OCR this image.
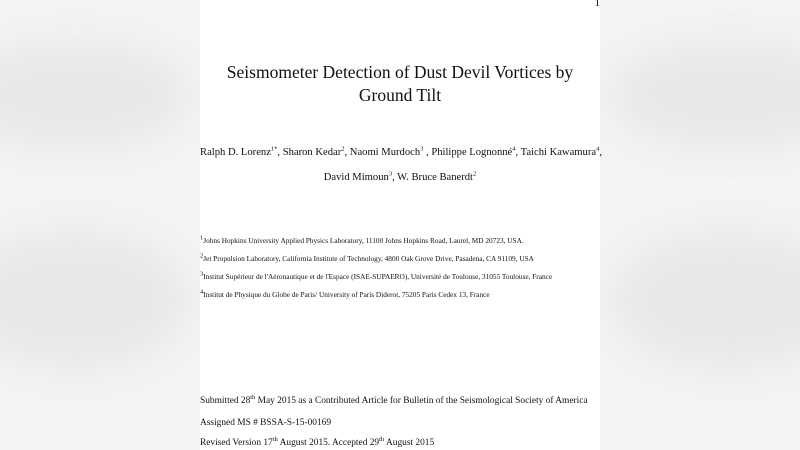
1
Seismometer Detection of Dust Devil Vortices by Ground Tilt
Ralph D. Lorenz$^{1*}$, Sharon Kedar$^2$, Naomi Murdoch$^3$ , Philippe Lognonné$^4$, Taichi Kawamura$^4$,
David Mimoun$^3$, W. Bruce Banerdt$^2$
$^1$Johns Hopkins University Applied Physics Laboratory, 11100 Johns Hopkins Road, Laurel, MD 20723, USA.
$^2$Jet Propulsion Laboratory, California Institute of Technology, 4800 Oak Grove Drive, Pasadena, CA 91109, USA
$^3$Institut Supérieur de l'Aéronautique et de l'Espace (ISAE-SUPAERO), Université de Toulouse, 31055 Toulouse, France
$^4$Institut de Physique du Globe de Paris/ University of Paris Diderot, 75205 Paris Cedex 13, France
Submitted 28th May 2015 as a Contributed Article for Bulletin of the Seismological Society of America
Assigned MS # BSSA-S-15-00169
Revised Version 17th August 2015. Accepted 29th August 2015
